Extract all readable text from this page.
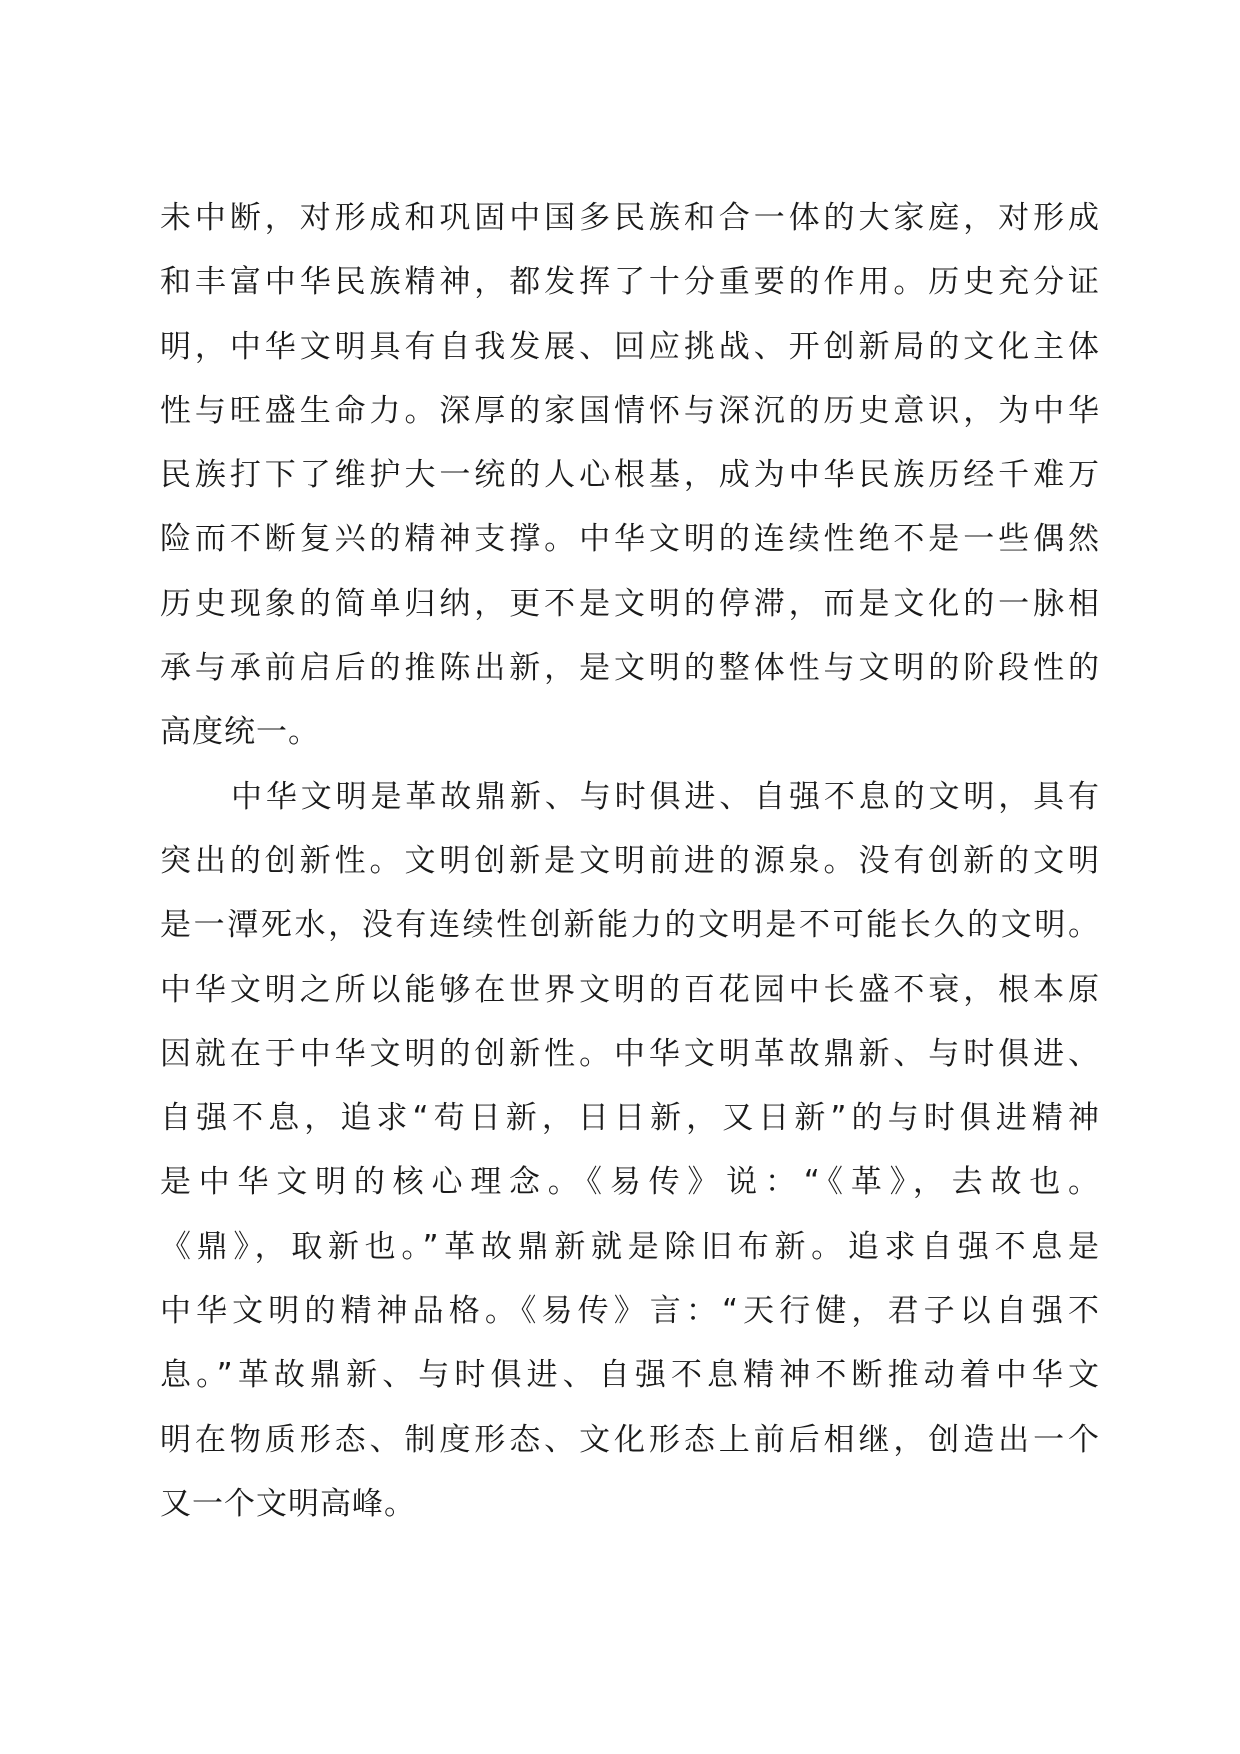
未中断，对形成和巩固中国多民族和合一体的大家庭，对形成
和丰富中华民族精神，都发挥了十分重要的作用。历史充分证
明，中华文明具有自我发展、回应挑战、开创新局的文化主体
性与旺盛生命力。深厚的家国情怀与深沉的历史意识，为中华
民族打下了维护大一统的人心根基，成为中华民族历经千难万
险而不断复兴的精神支撑。中华文明的连续性绝不是一些偶然
历史现象的简单归纳，更不是文明的停滞，而是文化的一脉相
承与承前启后的推陈出新，是文明的整体性与文明的阶段性的
高度统一。
中华文明是革故鼎新、与时俱进、自强不息的文明，具有
突出的创新性。文明创新是文明前进的源泉。没有创新的文明
是一潭死水，没有连续性创新能力的文明是不可能长久的文明。
中华文明之所以能够在世界文明的百花园中长盛不衰，根本原
因就在于中华文明的创新性。中华文明革故鼎新、与时俱进、
自强不息，追求“苟日新，日日新，又日新”的与时俱进精神
是中华文明的核心理念。《易传》说：“《革》，去故也。
《鼎》，取新也。”革故鼎新就是除旧布新。追求自强不息是
中华文明的精神品格。《易传》言：“天行健，君子以自强不
息。”革故鼎新、与时俱进、自强不息精神不断推动着中华文
明在物质形态、制度形态、文化形态上前后相继，创造出一个
又一个文明高峰。
